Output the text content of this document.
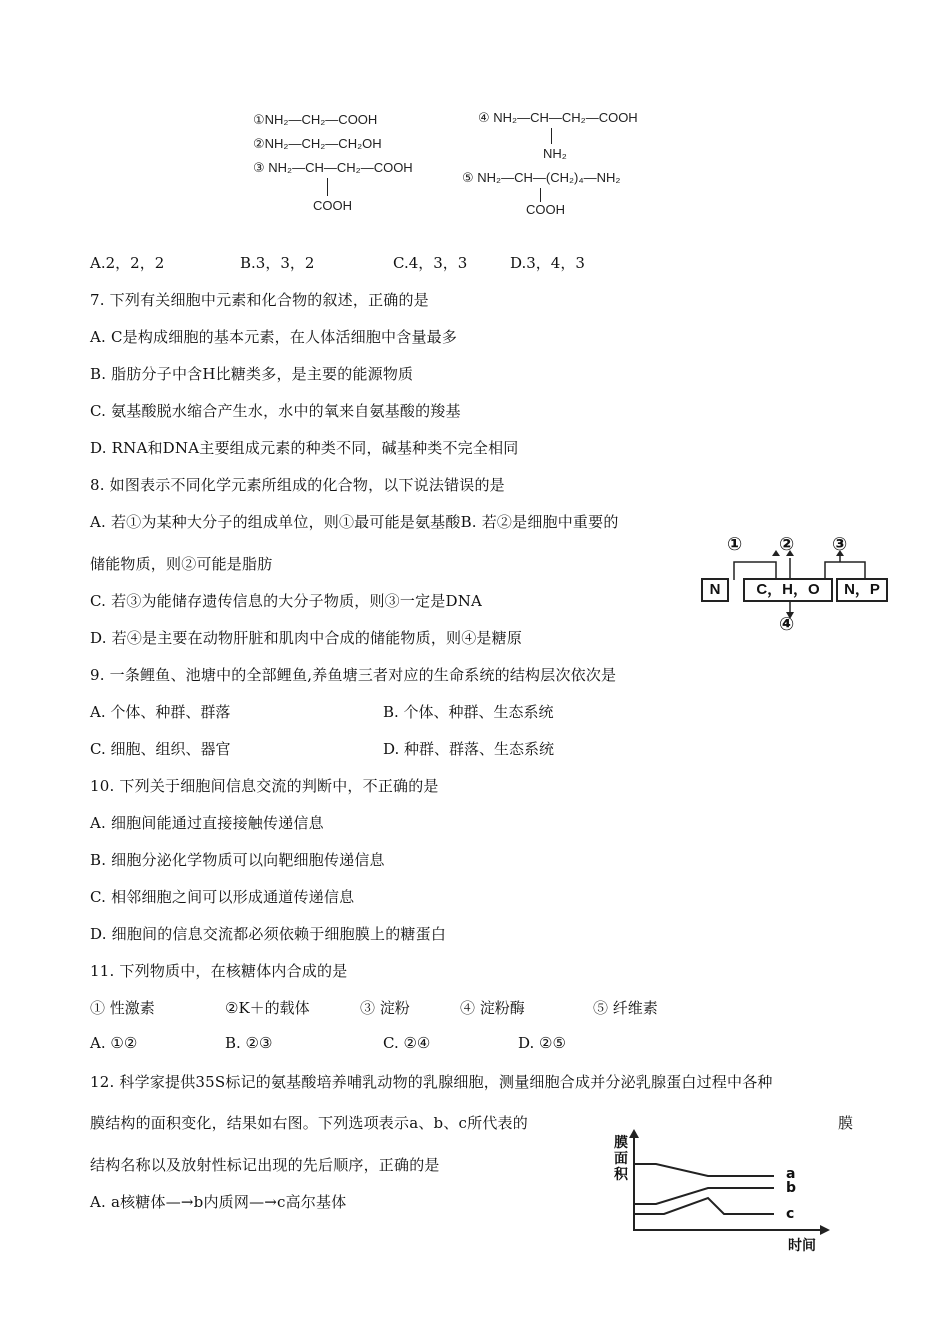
①NH₂—CH₂—COOH
②NH₂—CH₂—CH₂OH
③ NH₂—CH—CH₂—COOH
COOH
④ NH₂—CH—CH₂—COOH
NH₂
⑤ NH₂—CH—(CH₂)₄—NH₂
COOH
A.2，2，2	B.3，3，2	C.4，3，3	D.3，4，3
7. 下列有关细胞中元素和化合物的叙述，正确的是
A. C是构成细胞的基本元素，在人体活细胞中含量最多
B. 脂肪分子中含H比糖类多，是主要的能源物质
C. 氨基酸脱水缩合产生水，水中的氧来自氨基酸的羧基
D. RNA和DNA主要组成元素的种类不同，碱基种类不完全相同
8. 如图表示不同化学元素所组成的化合物，以下说法错误的是
A. 若①为某种大分子的组成单位，则①最可能是氨基酸B. 若②是细胞中重要的
储能物质，则②可能是脂肪
C. 若③为能储存遗传信息的大分子物质，则③一定是DNA
D. 若④是主要在动物肝脏和肌肉中合成的储能物质，则④是糖原
① ② ③
N	C，H，O	N，P
④
9. 一条鲤鱼、池塘中的全部鲤鱼,养鱼塘三者对应的生命系统的结构层次依次是
A. 个体、种群、群落	B. 个体、种群、生态系统
C. 细胞、组织、器官	D. 种群、群落、生态系统
10. 下列关于细胞间信息交流的判断中，不正确的是
A. 细胞间能通过直接接触传递信息
B. 细胞分泌化学物质可以向靶细胞传递信息
C. 相邻细胞之间可以形成通道传递信息
D. 细胞间的信息交流都必须依赖于细胞膜上的糖蛋白
11. 下列物质中，在核糖体内合成的是
① 性激素	②K＋的载体	③ 淀粉	④ 淀粉酶	⑤ 纤维素
A. ①②	B. ②③	C. ②④	D. ②⑤
12. 科学家提供35S标记的氨基酸培养哺乳动物的乳腺细胞，测量细胞合成并分泌乳腺蛋白过程中各种
膜结构的面积变化，结果如右图。下列选项表示a、b、c所代表的	膜
结构名称以及放射性标记出现的先后顺序，正确的是
A. a核糖体—→b内质网—→c高尔基体
膜
面
积	a
b
c
时间
